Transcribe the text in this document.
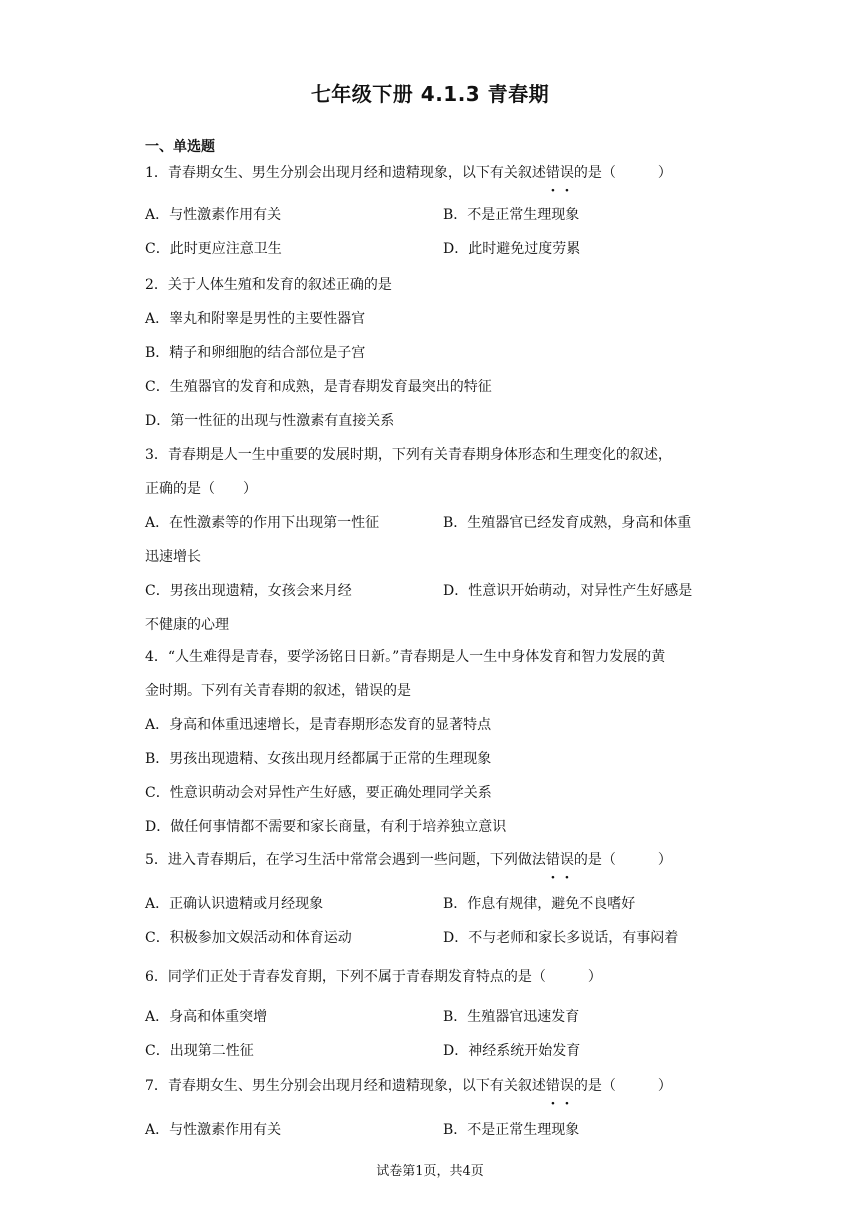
七年级下册 4.1.3 青春期
一、单选题
1．青春期女生、男生分别会出现月经和遗精现象，以下有关叙述错误的是（　　　）
A．与性激素作用有关	B．不是正常生理现象
C．此时更应注意卫生	D．此时避免过度劳累
2．关于人体生殖和发育的叙述正确的是
A．睾丸和附睾是男性的主要性器官
B．精子和卵细胞的结合部位是子宫
C．生殖器官的发育和成熟，是青春期发育最突出的特征
D．第一性征的出现与性激素有直接关系
3．青春期是人一生中重要的发展时期，下列有关青春期身体形态和生理变化的叙述，
正确的是（　　）
A．在性激素等的作用下出现第一性征	B．生殖器官已经发育成熟，身高和体重
迅速增长
C．男孩出现遗精，女孩会来月经	D．性意识开始萌动，对异性产生好感是
不健康的心理
4．“人生难得是青春，要学汤铭日日新。”青春期是人一生中身体发育和智力发展的黄
金时期。下列有关青春期的叙述，错误的是
A．身高和体重迅速增长，是青春期形态发育的显著特点
B．男孩出现遗精、女孩出现月经都属于正常的生理现象
C．性意识萌动会对异性产生好感，要正确处理同学关系
D．做任何事情都不需要和家长商量，有利于培养独立意识
5．进入青春期后，在学习生活中常常会遇到一些问题，下列做法错误的是（　　　）
A．正确认识遗精或月经现象	B．作息有规律，避免不良嗜好
C．积极参加文娱活动和体育运动	D．不与老师和家长多说话，有事闷着
6．同学们正处于青春发育期，下列不属于青春期发育特点的是（　　　）
A．身高和体重突增	B．生殖器官迅速发育
C．出现第二性征	D．神经系统开始发育
7．青春期女生、男生分别会出现月经和遗精现象，以下有关叙述错误的是（　　　）
A．与性激素作用有关	B．不是正常生理现象
试卷第1页，共4页
